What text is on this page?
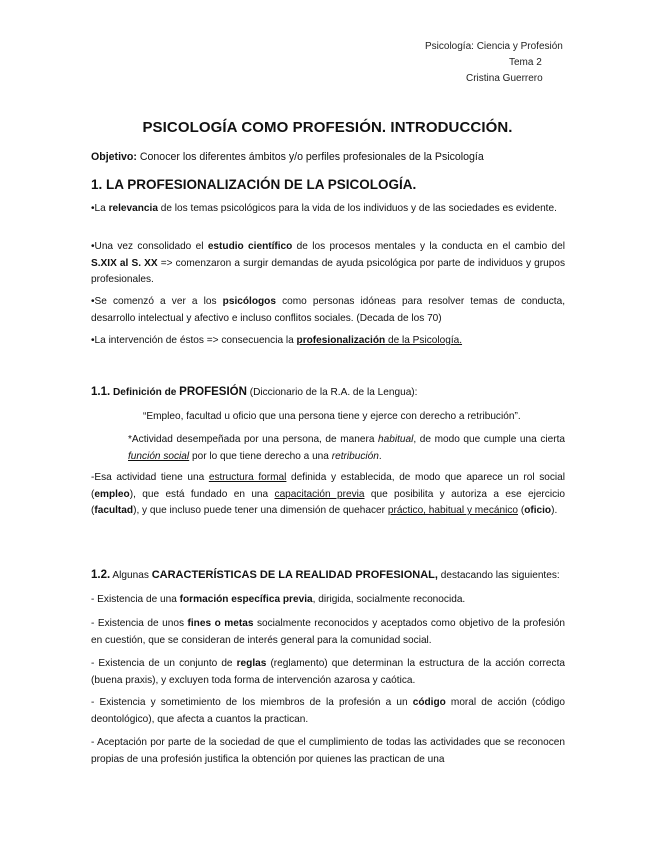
Psicología: Ciencia y Profesión
Tema 2
Cristina Guerrero
PSICOLOGÍA COMO PROFESIÓN. INTRODUCCIÓN.

Objetivo: Conocer los diferentes ámbitos y/o perfiles profesionales de la Psicología

1. LA PROFESIONALIZACIÓN DE LA PSICOLOGÍA.

•La relevancia de los temas psicológicos para la vida de los individuos y de las sociedades es evidente.

•Una vez consolidado el estudio científico de los procesos mentales y la conducta en el cambio del S.XIX al S. XX => comenzaron a surgir demandas de ayuda psicológica por parte de individuos y grupos profesionales.

•Se comenzó a ver a los psicólogos como personas idóneas para resolver temas de conducta, desarrollo intelectual y afectivo e incluso conflitos sociales. (Decada de los 70)

•La intervención de éstos => consecuencia la profesionalización de la Psicología.

1.1. Definición de PROFESIÓN (Diccionario de la R.A. de la Lengua):

“Empleo, facultad u oficio que una persona tiene y ejerce con derecho a retribución”.

*Actividad desempeñada por una persona, de manera habitual, de modo que cumple una cierta función social por lo que tiene derecho a una retribución.

-Esa actividad tiene una estructura formal definida y establecida, de modo que aparece un rol social (empleo), que está fundado en una capacitación previa que posibilita y autoriza a ese ejercicio (facultad), y que incluso puede tener una dimensión de quehacer práctico, habitual y mecánico (oficio).

1.2. Algunas CARACTERÍSTICAS DE LA REALIDAD PROFESIONAL, destacando las siguientes:

- Existencia de una formación específica previa, dirigida, socialmente reconocida.

- Existencia de unos fines o metas socialmente reconocidos y aceptados como objetivo de la profesión en cuestión, que se consideran de interés general para la comunidad social.

- Existencia de un conjunto de reglas (reglamento) que determinan la estructura de la acción correcta (buena praxis), y excluyen toda forma de intervención azarosa y caótica.

- Existencia y sometimiento de los miembros de la profesión a un código moral de acción (código deontológico), que afecta a cuantos la practican.

- Aceptación por parte de la sociedad de que el cumplimiento de todas las actividades que se reconocen propias de una profesión justifica la obtención por quienes las practican de una
